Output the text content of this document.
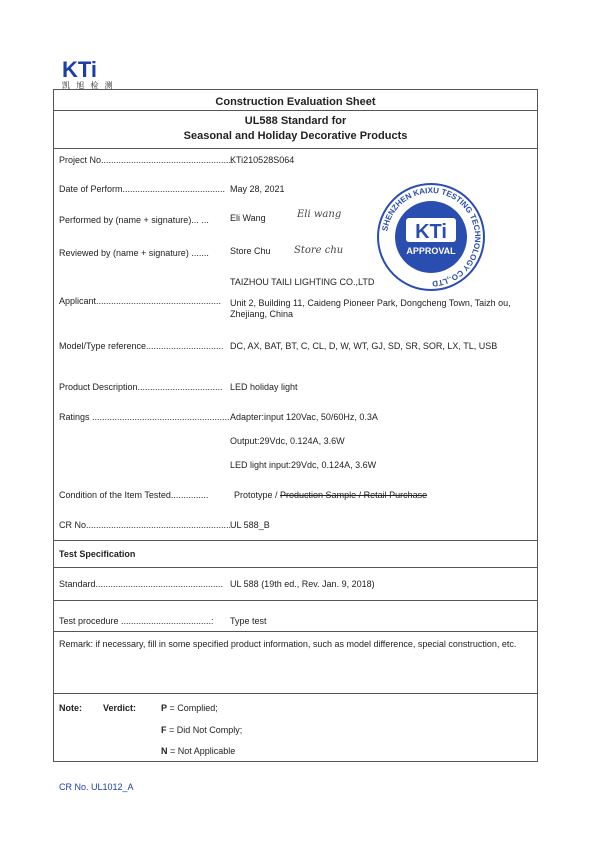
KTi
凯 旭 检 测
Construction Evaluation Sheet
UL588 Standard for
Seasonal and Holiday Decorative Products
Project No.....................................................
KTi210528S064
Date of Perform......................................... May 28, 2021
Performed by (name + signature)... ... Eli Wang	Eli wang
Reviewed by (name + signature) ....... Store Chu Store chu
TAIZHOU TAILI LIGHTING CO.,LTD
Applicant.................................................. Unit 2, Building 11, Caideng Pioneer Park, Dongcheng Town, Taizh ou, Zhejiang, China
Model/Type reference............................... DC, AX, BAT, BT, C, CL, D, W, WT, GJ, SD, SR, SOR, LX, TL, USB
Product Description.................................. LED holiday light
Ratings ....................................................... Adapter:input 120Vac, 50/60Hz, 0.3A
Output:29Vdc, 0.124A, 3.6W
LED light input:29Vdc, 0.124A, 3.6W
Condition of the Item Tested...............	Prototype / Production Sample / Retail Purchase
CR No..........................................................
UL 588_B
Test Specification
Standard................................................... UL 588 (19th ed., Rev. Jan. 9, 2018)
Test procedure ....................................: Type test
Remark: if necessary, fill in some specified product information, such as model difference, special construction, etc.
Note: Verdict:	P = Complied;
F = Did Not Comply;
N = Not Applicable
SHENZHEN KAIXU TESTING TECHNOLOGY CO.,LTD
KTi
APPROVAL
CR No. UL1012_A
